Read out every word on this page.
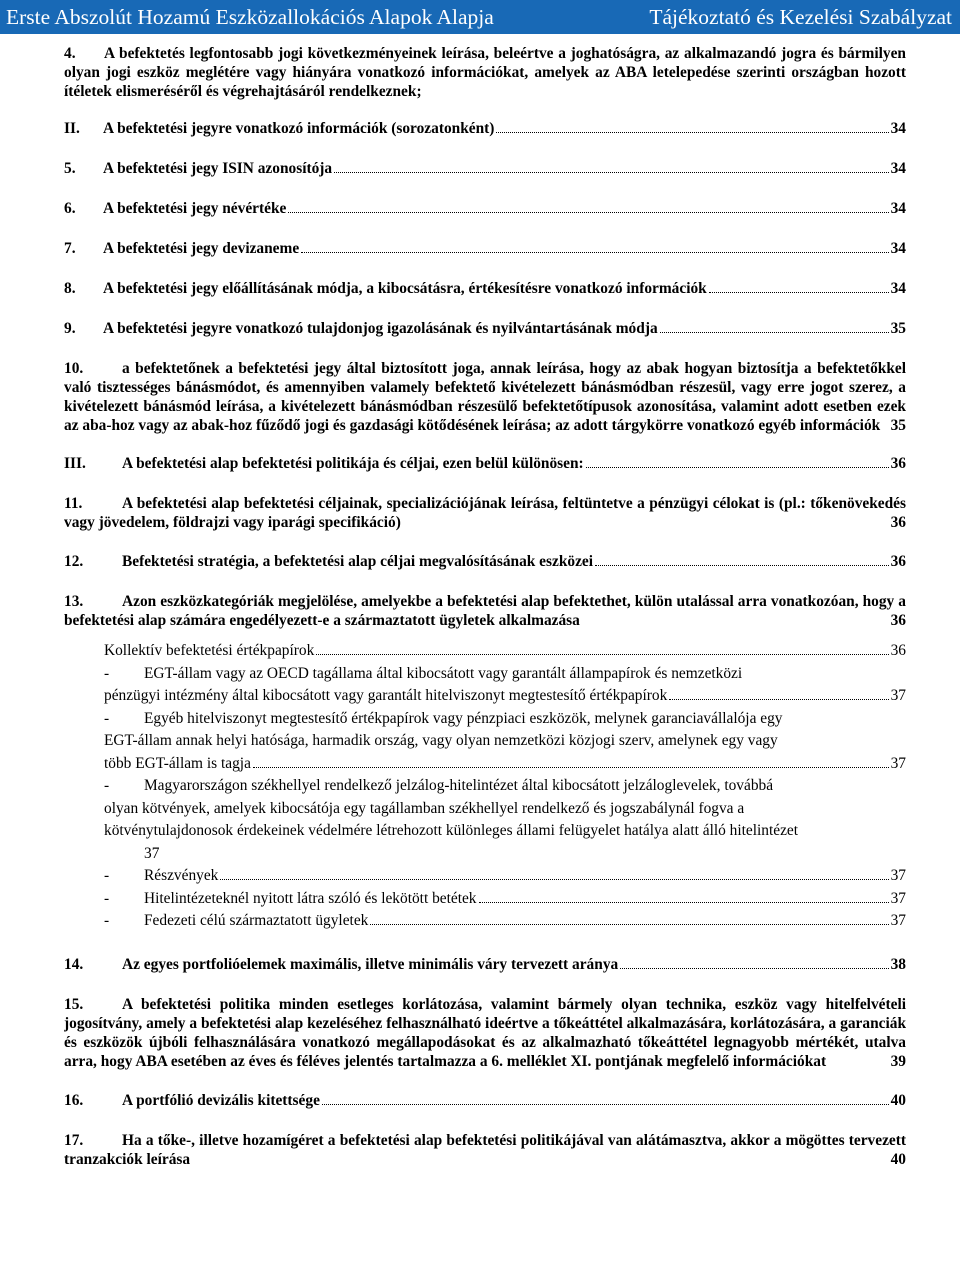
Erste Abszolút Hozamú Eszközallokációs Alapok Alapja	Tájékoztató és Kezelési Szabályzat
4. A befektetés legfontosabb jogi következményeinek leírása, beleértve a joghatóságra, az alkalmazandó jogra és bármilyen olyan jogi eszköz meglétére vagy hiányára vonatkozó információkat, amelyek az ABA letelepedése szerinti országban hozott ítéletek elismeréséről és végrehajtásáról rendelkeznek;
II. A befektetési jegyre vonatkozó információk (sorozatonként)	34
5. A befektetési jegy ISIN azonosítója	34
6. A befektetési jegy névértéke	34
7. A befektetési jegy devizaneme	34
8. A befektetési jegy előállításának módja, a kibocsátásra, értékesítésre vonatkozó információk	34
9. A befektetési jegyre vonatkozó tulajdonjog igazolásának és nyilvántartásának módja	35
10.	a befektetőnek a befektetési jegy által biztosított joga, annak leírása, hogy az abak hogyan biztosítja a befektetőkkel való tisztességes bánásmódot, és amennyiben valamely befektető kivételezett bánásmódban részesül, vagy erre jogot szerez, a kivételezett bánásmód leírása, a kivételezett bánásmódban részesülő befektetőtípusok azonosítása, valamint adott esetben ezek az aba-hoz vagy az abak-hoz fűződő jogi és gazdasági kötődésének leírása; az adott tárgykörre vonatkozó egyéb információk 35
III. A befektetési alap befektetési politikája és céljai, ezen belül különösen:	36
11.	A befektetési alap befektetési céljainak, specializációjának leírása, feltüntetve a pénzügyi célokat is (pl.: tőkenövekedés vagy jövedelem, földrajzi vagy iparági specifikáció)	36
12.	Befektetési stratégia, a befektetési alap céljai megvalósításának eszközei	36
13.	Azon eszközkategóriák megjelölése, amelyekbe a befektetési alap befektethet, külön utalással arra vonatkozóan, hogy a befektetési alap számára engedélyezett-e a származtatott ügyletek alkalmazása	36
Kollektív befektetési értékpapírok	36

- EGT-állam vagy az OECD tagállama által kibocsátott vagy garantált állampapírok és nemzetközi

pénzügyi intézmény által kibocsátott vagy garantált hitelviszonyt megtestesítő értékpapírok	37

- Egyéb hitelviszonyt megtestesítő értékpapírok vagy pénzpiaci eszközök, melynek garanciavállalója egy

EGT-állam annak helyi hatósága, harmadik ország, vagy olyan nemzetközi közjogi szerv, amelynek egy vagy

több EGT-állam is tagja	37

- Magyarországon székhellyel rendelkező jelzálog-hitelintézet által kibocsátott jelzáloglevelek, továbbá

olyan kötvények, amelyek kibocsátója egy tagállamban székhellyel rendelkező és jogszabálynál fogva a

kötvénytulajdonosok érdekeinek védelmére létrehozott különleges állami felügyelet hatálya alatt álló hitelintézet

37

- Részvények	37
- Hitelintézeteknél nyitott látra szóló és lekötött betétek	37
- Fedezeti célú származtatott ügyletek	37
14.	Az egyes portfolióelemek maximális, illetve minimális váry tervezett aránya	38
15.	A befektetési politika minden esetleges korlátozása, valamint bármely olyan technika, eszköz vagy hitelfelvételi jogosítvány, amely a befektetési alap kezeléséhez felhasználható ideértve a tőkeáttétel alkalmazására, korlátozására, a garanciák és eszközök újbóli felhasználására vonatkozó megállapodásokat és az alkalmazható tőkeáttétel legnagyobb mértékét, utalva arra, hogy ABA esetében az éves és féléves jelentés tartalmazza a 6. melléklet XI. pontjának megfelelő információkat	39
16.	A portfólió devizális kitettsége	40
17.	Ha a tőke-, illetve hozamígéret a befektetési alap befektetési politikájával van alátámasztva, akkor a mögöttes tervezett tranzakciók leírása	40
